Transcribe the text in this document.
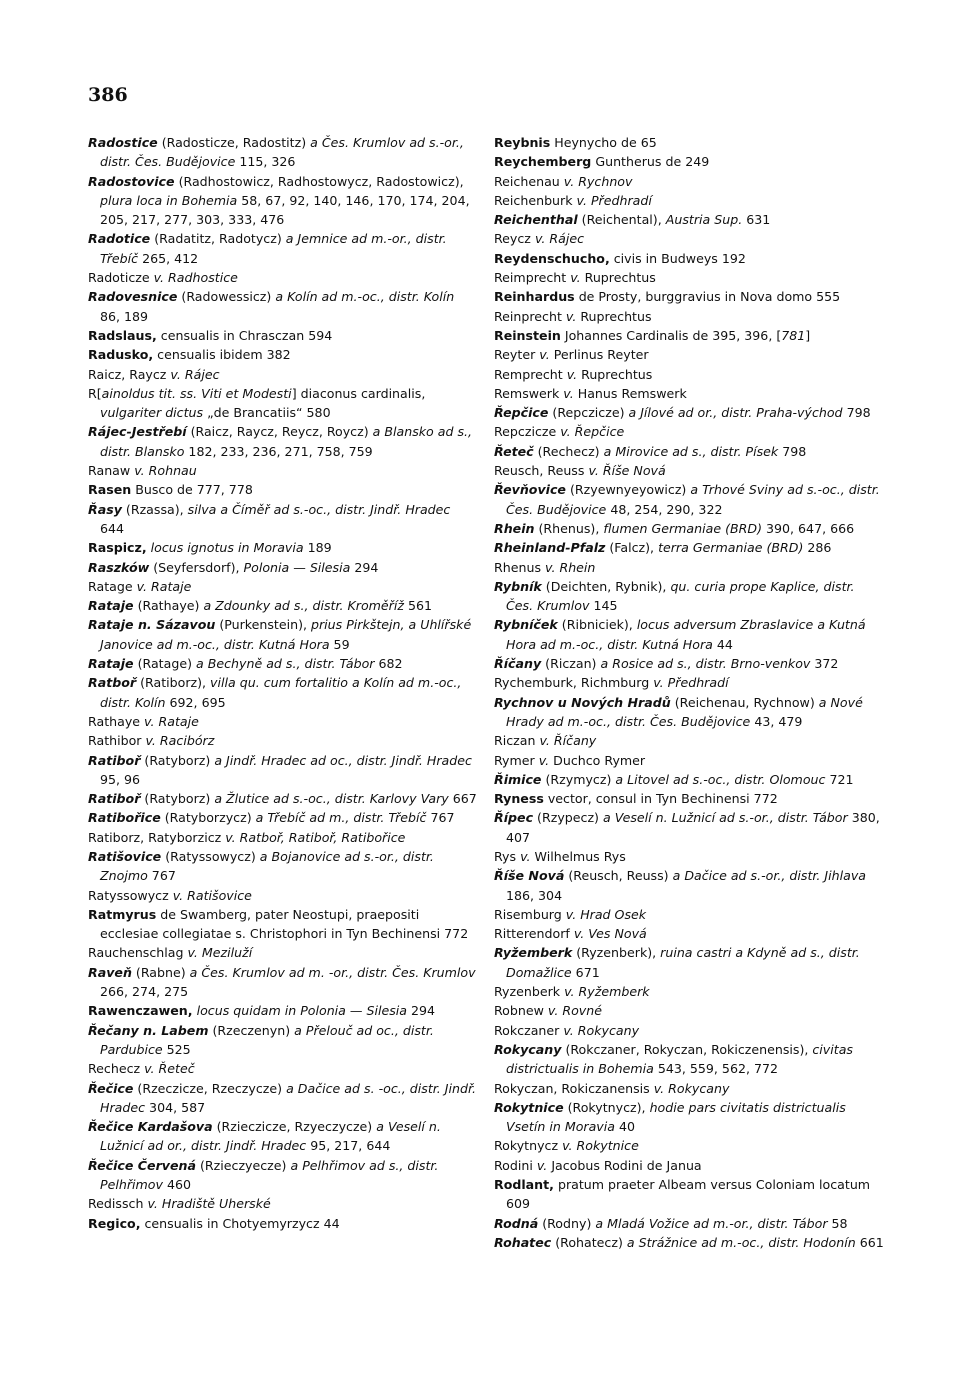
386

Radostice (Radosticze, Radostitz) a Čes. Krumlov ad s.-or., distr. Čes. Budějovice 115, 326

Radostovice (Radhostowicz, Radhostowycz, Radostowicz), plura loca in Bohemia 58, 67, 92, 140, 146, 170, 174, 204, 205, 217, 277, 303, 333, 476

Radotice (Radatitz, Radotycz) a Jemnice ad m.-or., distr. Třebíč 265, 412

Radoticze v. Radhostice

Radovesnice (Radowessicz) a Kolín ad m.-oc., distr. Kolín 86, 189

Radslaus, censualis in Chrasczan 594

Radusko, censualis ibidem 382

Raicz, Raycz v. Rájec

R[ainoldus tit. ss. Viti et Modesti] diaconus cardinalis, vulgariter dictus „de Brancatiis“ 580

Rájec-Jestřebí (Raicz, Raycz, Reycz, Roycz) a Blansko ad s., distr. Blansko 182, 233, 236, 271, 758, 759

Ranaw v. Rohnau

Rasen Busco de 777, 778

Řasy (Rzassa), silva a Číměř ad s.-oc., distr. Jindř. Hradec 644

Raspicz, locus ignotus in Moravia 189

Raszków (Seyfersdorf), Polonia — Silesia 294

Ratage v. Rataje

Rataje (Rathaye) a Zdounky ad s., distr. Kroměříž 561

Rataje n. Sázavou (Purkenstein), prius Pirkštejn, a Uhlířské Janovice ad m.-oc., distr. Kutná Hora 59

Rataje (Ratage) a Bechyně ad s., distr. Tábor 682

Ratboř (Ratiborz), villa qu. cum fortalitio a Kolín ad m.-oc., distr. Kolín 692, 695

Rathaye v. Rataje

Rathibor v. Racibórz

Ratiboř (Ratyborz) a Jindř. Hradec ad oc., distr. Jindř. Hradec 95, 96

Ratiboř (Ratyborz) a Žlutice ad s.-oc., distr. Karlovy Vary 667

Ratibořice (Ratyborzycz) a Třebíč ad m., distr. Třebíč 767

Ratiborz, Ratyborzicz v. Ratboř, Ratiboř, Ratibořice

Ratišovice (Ratyssowycz) a Bojanovice ad s.-or., distr. Znojmo 767

Ratyssowycz v. Ratišovice

Ratmyrus de Swamberg, pater Neostupi, praepositi ecclesiae collegiatae s. Christophori in Tyn Bechinensi 772

Rauchenschlag v. Meziluží

Raveň (Rabne) a Čes. Krumlov ad m. -or., distr. Čes. Krumlov 266, 274, 275

Rawenczawen, locus quidam in Polonia — Silesia 294

Řečany n. Labem (Rzeczenyn) a Přelouč ad oc., distr. Pardubice 525

Recheсz v. Řeteč

Řečice (Rzeczicze, Rzeczycze) a Dačice ad s. -oc., distr. Jindř. Hradec 304, 587

Řečice Kardašova (Rzieczicze, Rzyeczycze) a Veselí n. Lužnicí ad or., distr. Jindř. Hradec 95, 217, 644

Řečice Červená (Rzieczyecze) a Pelhřimov ad s., distr. Pelhřimov 460

Redissch v. Hradiště Uherské

Regico, censualis in Chotyemyrzycz 44

Reybnis Heynycho de 65

Reychemberg Guntherus de 249

Reichenau v. Rychnov

Reichenburk v. Předhradí

Reichenthal (Reichental), Austria Sup. 631

Reycz v. Rájec

Reydenschucho, civis in Budweys 192

Reimprecht v. Ruprechtus

Reinhardus de Prosty, burggravius in Nova domo 555

Reinprecht v. Ruprechtus

Reinstein Johannes Cardinalis de 395, 396, [781]

Reyter v. Perlinus Reyter

Remprecht v. Ruprechtus

Remswerk v. Hanus Remswerk

Řepčice (Repczicze) a Jílové ad or., distr. Praha-východ 798

Repczicze v. Řepčice

Řeteč (Recheсz) a Mirovice ad s., distr. Písek 798

Reusch, Reuss v. Říše Nová

Řevňovice (Rzyewnyeyowicz) a Trhové Sviny ad s.-oc., distr. Čes. Budějovice 48, 254, 290, 322

Rhein (Rhenus), flumen Germaniae (BRD) 390, 647, 666

Rheinland-Pfalz (Falcz), terra Germaniae (BRD) 286

Rhenus v. Rhein

Rybník (Deichten, Rybnik), qu. curia prope Kaplice, distr. Čes. Krumlov 145

Rybníček (Ribniciek), locus adversum Zbraslavice a Kutná Hora ad m.-oc., distr. Kutná Hora 44

Říčany (Riczan) a Rosice ad s., distr. Brno-venkov 372

Rychemburk, Richmburg v. Předhradí

Rychnov u Nových Hradů (Reichenau, Rychnow) a Nové Hrady ad m.-oc., distr. Čes. Budějovice 43, 479

Riczan v. Říčany

Rymer v. Duchco Rymer

Řimice (Rzymycz) a Litovel ad s.-oc., distr. Olomouc 721

Ryness vector, consul in Tyn Bechinensi 772

Řípec (Rzypecz) a Veselí n. Lužnicí ad s.-or., distr. Tábor 380, 407

Rys v. Wilhelmus Rys

Říše Nová (Reusch, Reuss) a Dačice ad s.-or., distr. Jihlava 186, 304

Risemburg v. Hrad Osek

Ritterendorf v. Ves Nová

Ryžemberk (Ryzenberk), ruina castri a Kdyně ad s., distr. Domažlice 671

Ryzenberk v. Ryžemberk

Robnew v. Rovné

Rokczaner v. Rokycany

Rokycany (Rokczaner, Rokyczan, Rokiczenensis), civitas districtualis in Bohemia 543, 559, 562, 772

Rokyczan, Rokiczanensis v. Rokycany

Rokytnice (Rokytnycz), hodie pars civitatis districtualis Vsetín in Moravia 40

Rokytnycz v. Rokytnice

Rodini v. Jacobus Rodini de Janua

Rodlant, pratum praeter Albeam versus Coloniam locatum 609

Rodná (Rodny) a Mladá Vožice ad m.-or., distr. Tábor 58

Rohatec (Rohatecz) a Strážnice ad m.-oc., distr. Hodonín 661
